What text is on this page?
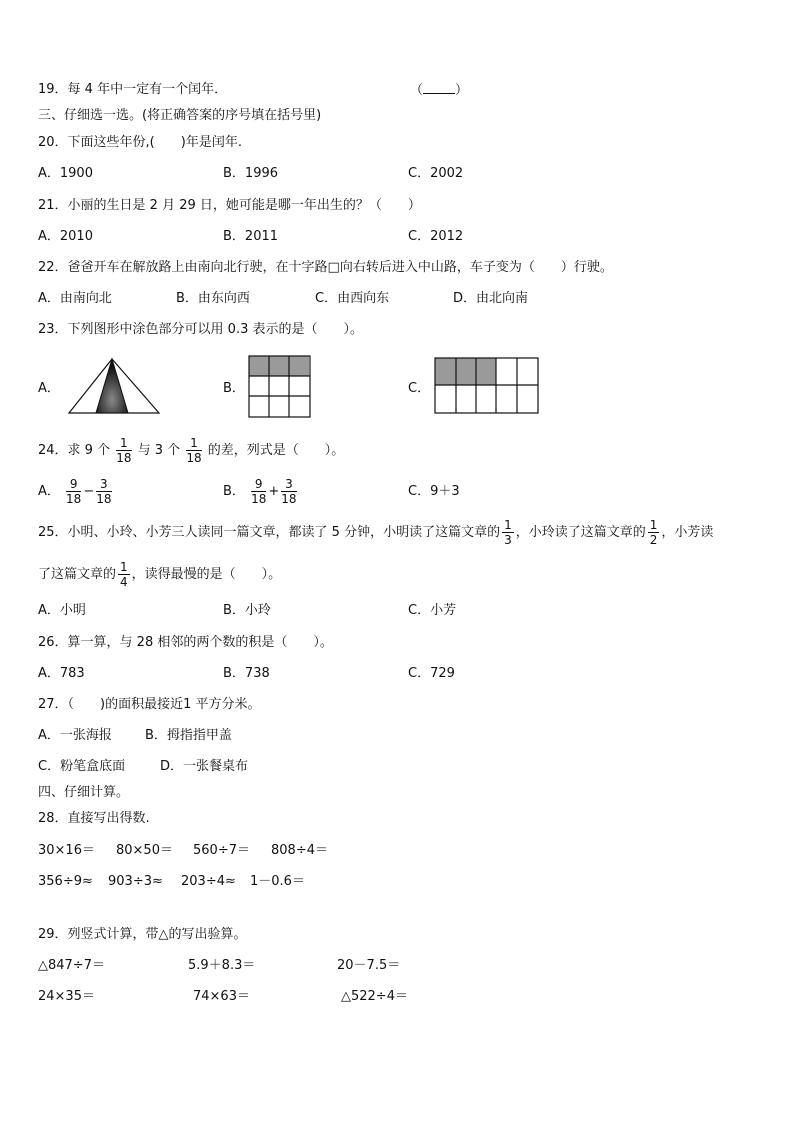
19．每 4 年中一定有一个闰年．	（ ）
三、仔细选一选。(将正确答案的序号填在括号里)
20．下面这些年份,(　　)年是闰年.
A．1900	B．1996	C．2002
21．小丽的生日是 2 月 29 日，她可能是哪一年出生的？（　　）
A．2010	B．2011	C．2012
22．爸爸开车在解放路上由南向北行驶，在十字路□向右转后进入中山路，车子变为（　　）行驶。
A．由南向北	B．由东向西	C．由西向东	D．由北向南
23．下列图形中涂色部分可以用 0.3 表示的是（　　）。
A．	B．	C．
24．求 9 个 $\frac{1}{18}$ 与 3 个 $\frac{1}{18}$ 的差，列式是（　　）。
A． $\frac{9}{18} - \frac{3}{18}$	B． $\frac{9}{18} + \frac{3}{18}$	C．9＋3
25．小明、小玲、小芳三人读同一篇文章，都读了 5 分钟，小明读了这篇文章的 $\frac{1}{3}$ ，小玲读了这篇文章的 $\frac{1}{2}$ ，小芳读
了这篇文章的 $\frac{1}{4}$ ，读得最慢的是（　　）。
A．小明	B．小玲	C．小芳
26．算一算，与 28 相邻的两个数的积是（　　）。
A．783	B．738	C．729
27．（　　)的面积最接近1 平方分米。
A．一张海报	B．拇指指甲盖
C．粉笔盒底面	D．一张餐桌布
四、仔细计算。
28．直接写出得数.
30×16＝ 80×50＝ 560÷7＝ 808÷4＝
356÷9≈ 903÷3≈ 203÷4≈ 1－0.6＝
29．列竖式计算，带△的写出验算。
△847÷7＝	5.9＋8.3＝	20－7.5＝
24×35＝	74×63＝	△522÷4＝
